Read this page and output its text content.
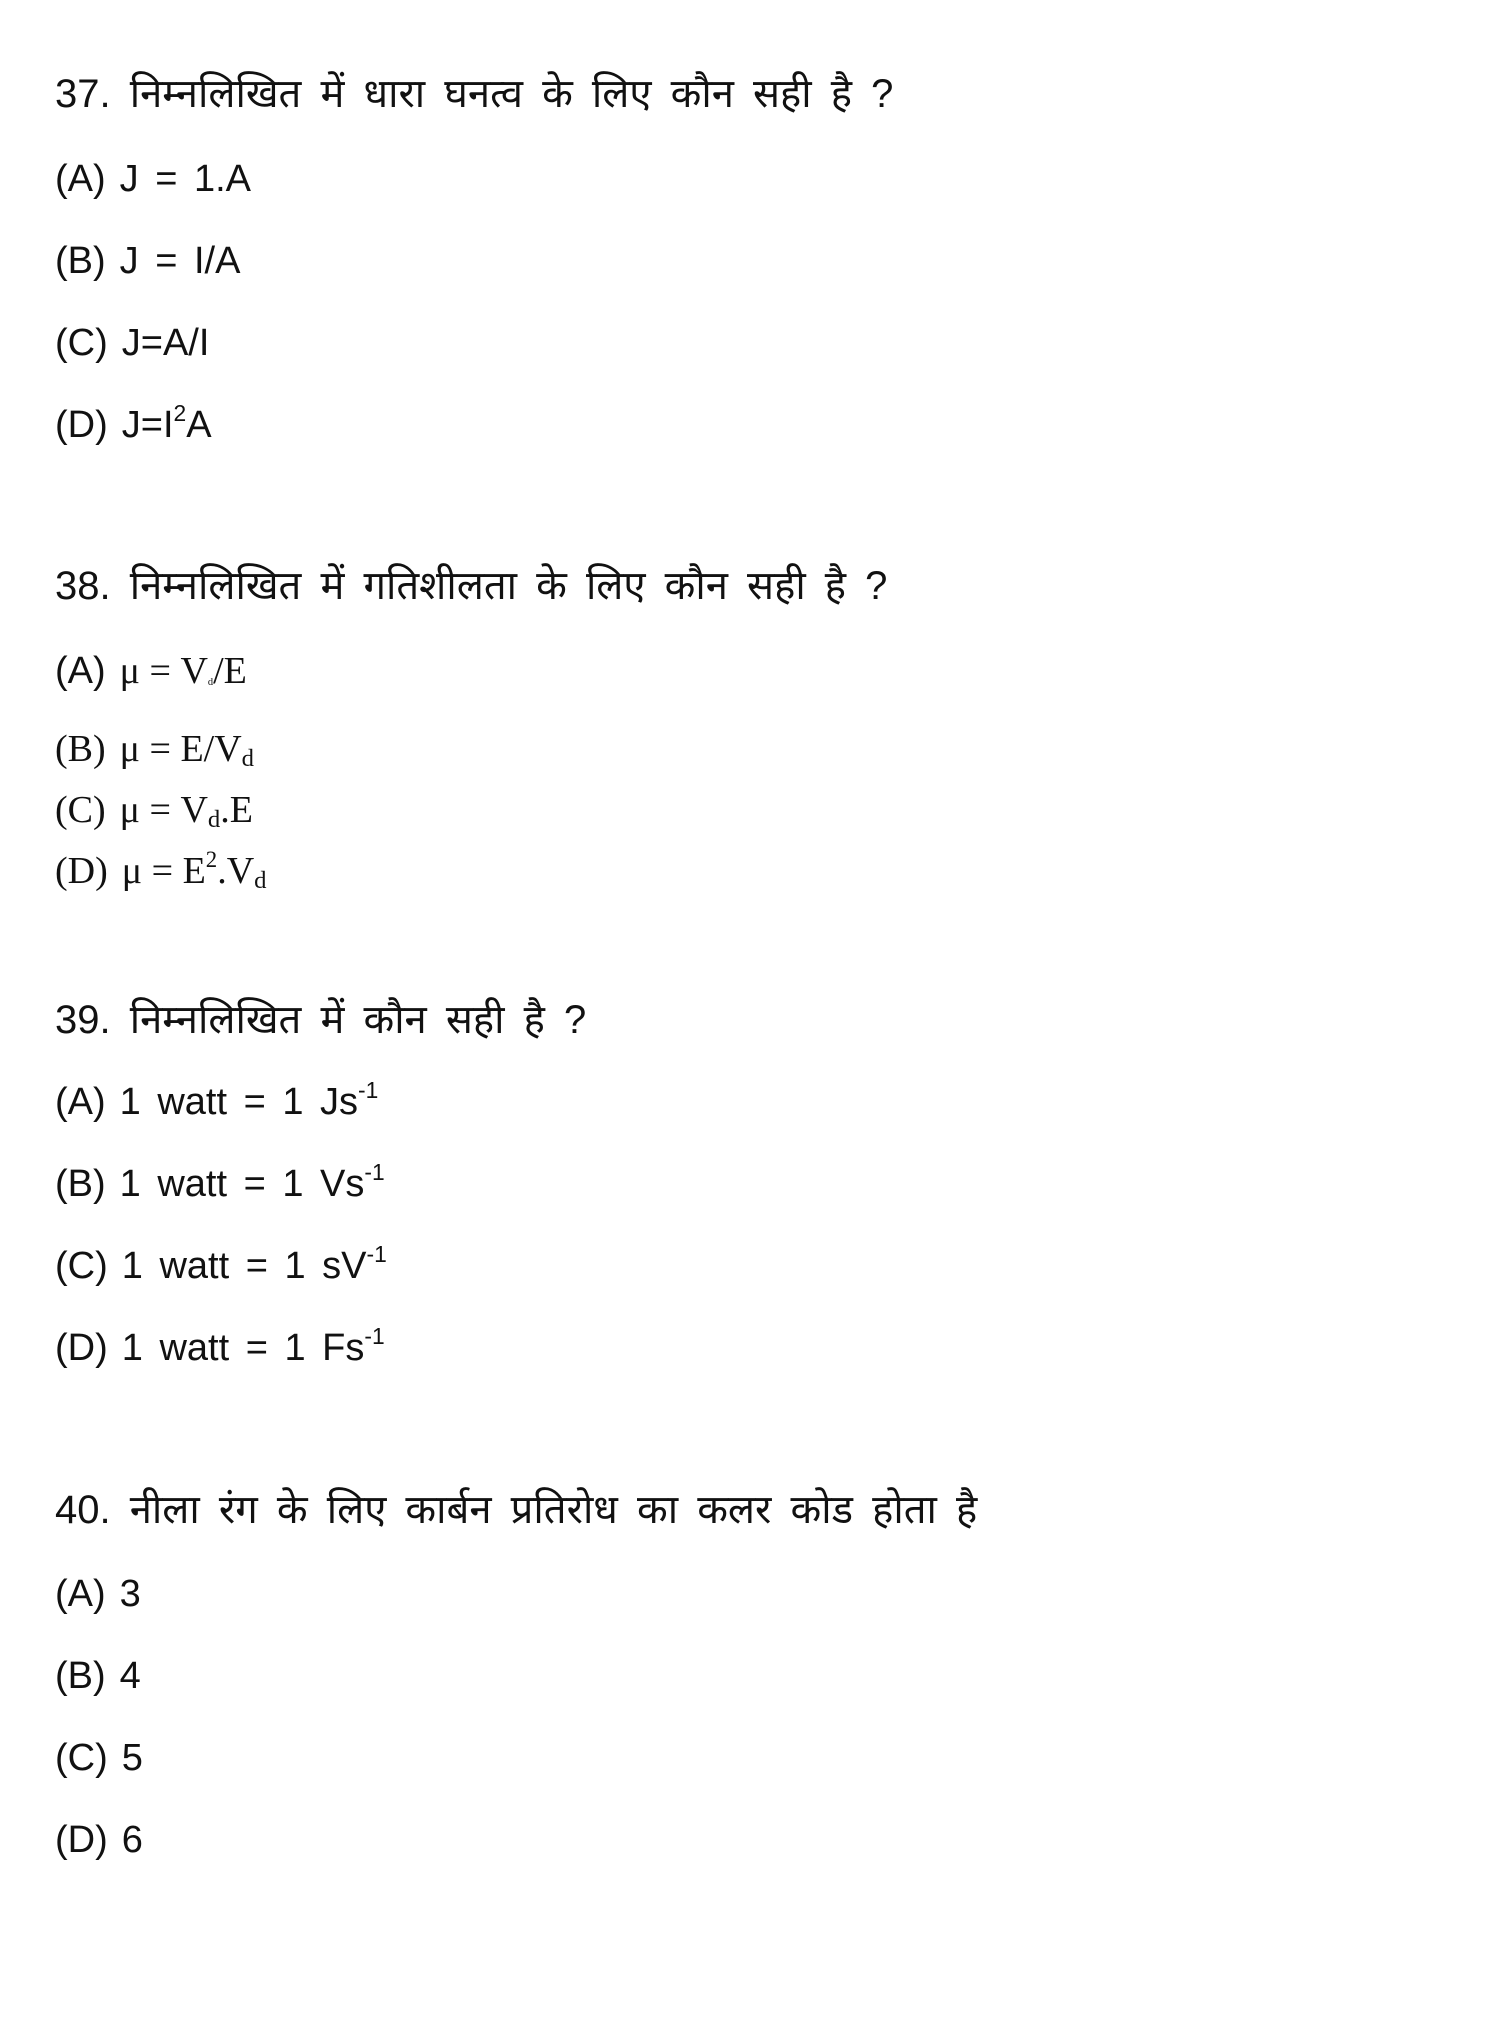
37. निम्नलिखित में धारा घनत्व के लिए कौन सही है ?
(A) J = 1.A
(B) J = I/A
(C) J=A/I
(D) $J=I^2A$
38. निम्नलिखित में गतिशीलता के लिए कौन सही है ?
(A) $\mu = V_d/E$
(B) $\mu = E/V_d$
(C) $\mu = V_d.E$
(D) $\mu = E^2.V_d$
39. निम्नलिखित में कौन सही है ?
(A) 1 watt = 1 $Js^{-1}$
(B) 1 watt = 1 $Vs^{-1}$
(C) 1 watt = 1 $sV^{-1}$
(D) 1 watt = 1 $Fs^{-1}$
40. नीला रंग के लिए कार्बन प्रतिरोध का कलर कोड होता है
(A) 3
(B) 4
(C) 5
(D) 6
